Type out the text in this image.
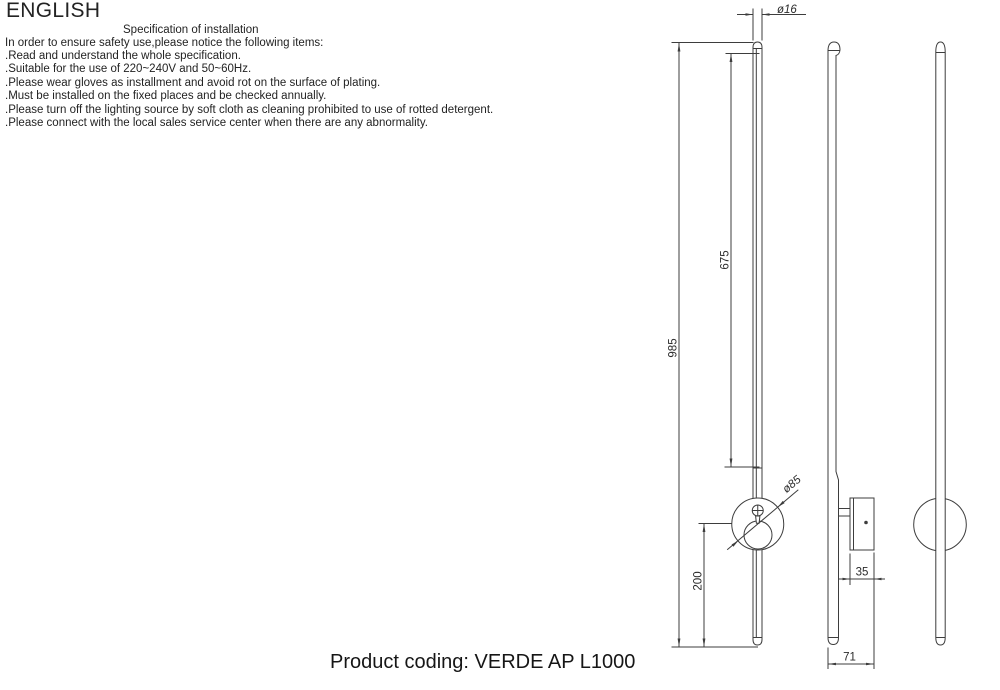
ENGLISH
Specification of installation
In order to ensure safety use,please notice the following items:
.Read and understand the whole specification.
.Suitable for the use of 220~240V and 50~60Hz.
.Please wear gloves as installment and avoid rot on the surface of plating.
.Must be installed on the fixed places and be checked annually.
.Please turn off the lighting source by soft cloth as cleaning prohibited to use of rotted detergent.
.Please connect with the local sales service center when there are any abnormality.
ø16
985
675
ø85
200	35
71
Product coding: VERDE AP L1000
